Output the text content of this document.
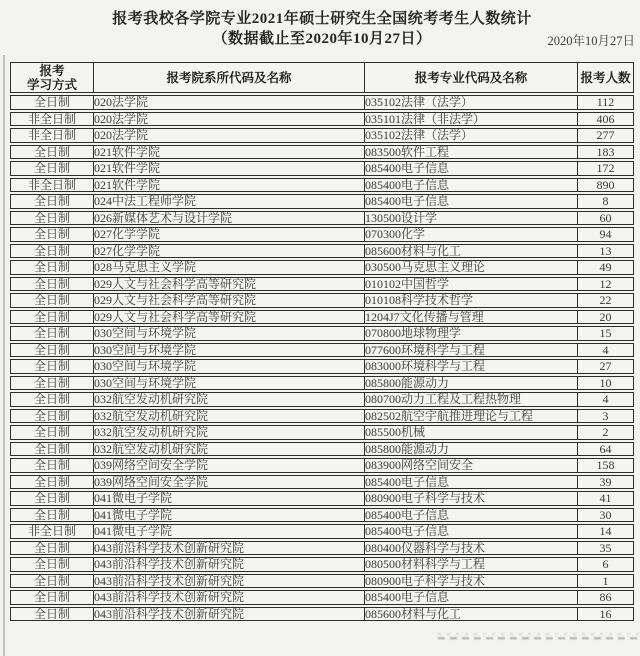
报考我校各学院专业2021年硕士研究生全国统考考生人数统计
（数据截止至2020年10月27日）	2020年10月27日
报考
学习方式	报考院系所代码及名称	报考专业代码及名称	报考人数
全日制	020法学院	035102法律（法学）	112
非全日制	020法学院	035101法律（非法学）	406
非全日制	020法学院	035102法律（法学）	277
全日制	021软件学院	083500软件工程	183
全日制	021软件学院	085400电子信息	172
非全日制	021软件学院	085400电子信息	890
全日制	024中法工程师学院	085400电子信息	8
全日制	026新媒体艺术与设计学院	130500设计学	60
全日制	027化学学院	070300化学	94
全日制	027化学学院	085600材料与化工	13
全日制	028马克思主义学院	030500马克思主义理论	49
全日制	029人文与社会科学高等研究院	010102中国哲学	12
全日制	029人文与社会科学高等研究院	010108科学技术哲学	22
全日制	029人文与社会科学高等研究院	1204J7文化传播与管理	20
全日制	030空间与环境学院	070800地球物理学	15
全日制	030空间与环境学院	077600环境科学与工程	4
全日制	030空间与环境学院	083000环境科学与工程	27
全日制	030空间与环境学院	085800能源动力	10
全日制	032航空发动机研究院	080700动力工程及工程热物理	4
全日制	032航空发动机研究院	082502航空宇航推进理论与工程	3
全日制	032航空发动机研究院	085500机械	2
全日制	032航空发动机研究院	085800能源动力	64
全日制	039网络空间安全学院	083900网络空间安全	158
全日制	039网络空间安全学院	085400电子信息	39
全日制	041微电子学院	080900电子科学与技术	41
全日制	041微电子学院	085400电子信息	30
非全日制	041微电子学院	085400电子信息	14
全日制	043前沿科学技术创新研究院	080400仪器科学与技术	35
全日制	043前沿科学技术创新研究院	080500材料科学与工程	6
全日制	043前沿科学技术创新研究院	080900电子科学与技术	1
全日制	043前沿科学技术创新研究院	085400电子信息	86
全日制	043前沿科学技术创新研究院	085600材料与化工	16
